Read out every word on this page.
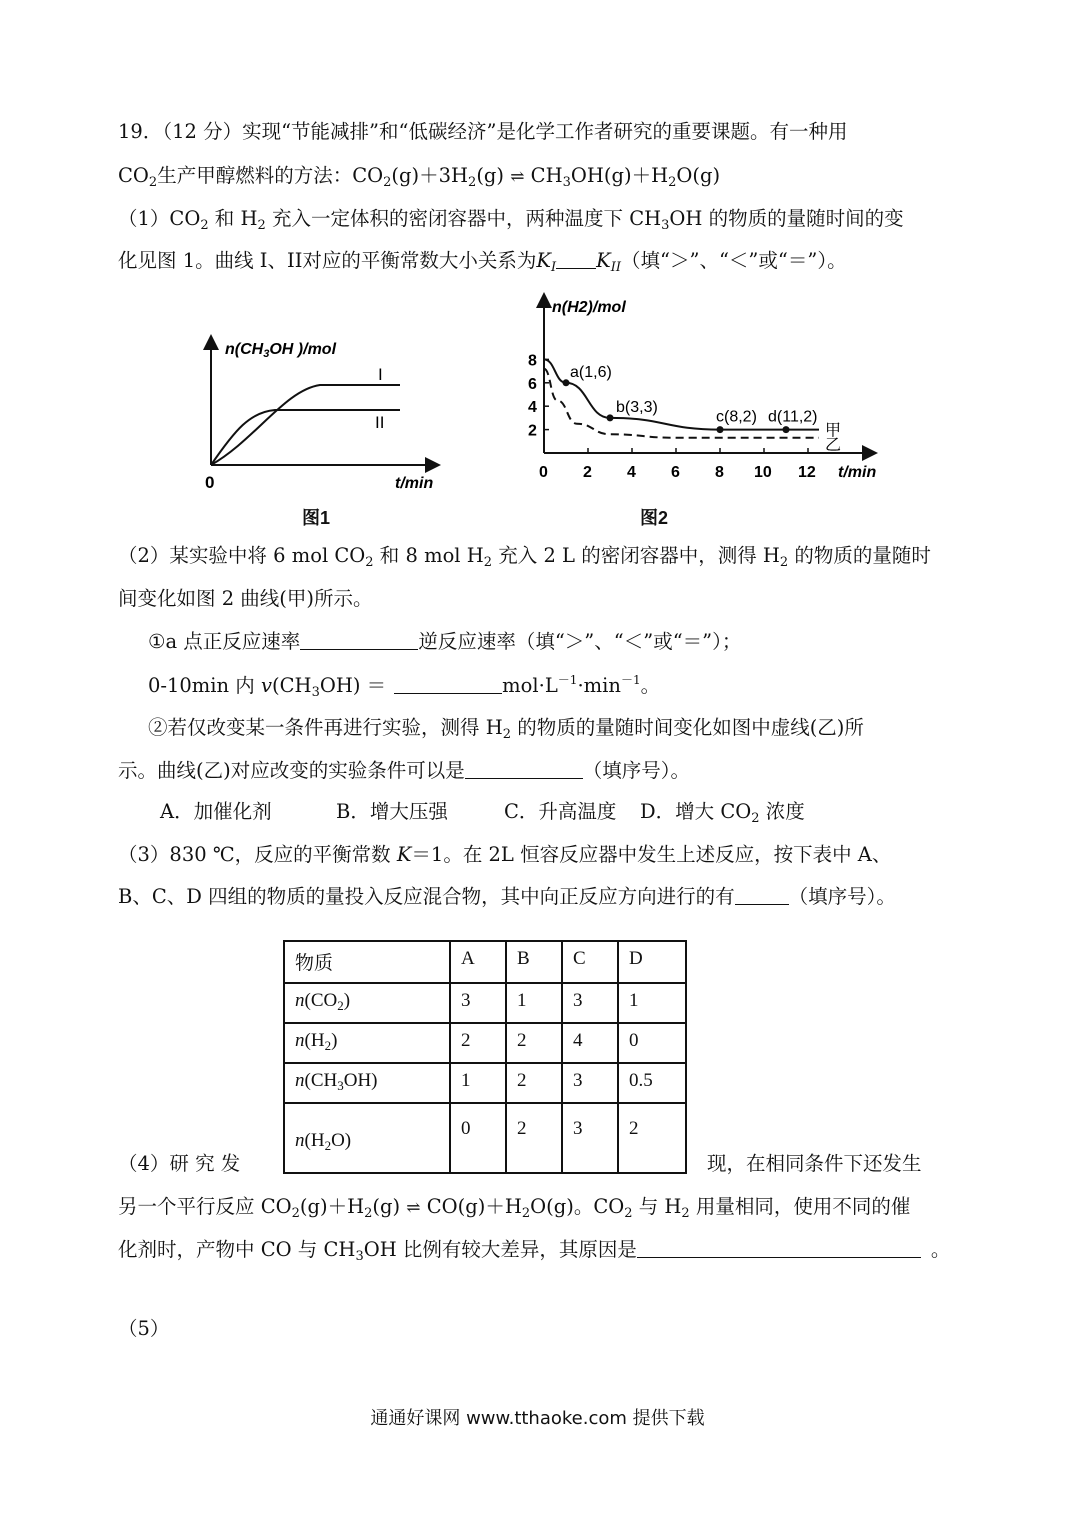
19．（12 分）实现“节能减排”和“低碳经济”是化学工作者研究的重要课题。有一种用
$CO_2$生产甲醇燃料的方法：$CO_2(g)+3H_2(g)$ ⇌ $CH_3OH(g)+H_2O(g)$
$(1)CO_2$ 和 $H_2$ 充入一定体积的密闭容器中，两种温度下 $CH_3OH$ 的物质的量随时间的变
化见图 1。曲线 I、II对应的平衡常数大小关系为$K_I$ $K_{II}$（填“＞”、“＜”或“＝”）。
n(CH3OH )/mol
I
II
0	t/min
图1
0 2 4 6 8 10 12
2
4
6
8
a(1,6)
b(3,3)
c(8,2) d(11,2)
甲
乙
n(H2)/mol
t/min
图2
（2）某实验中将 6 mol $CO_2$ 和 8 mol $H_2$ 充入 2 L 的密闭容器中，测得 $H_2$ 的物质的量随时
间变化如图 2 曲线(甲)所示。
①a 点正反应速率	逆反应速率（填“＞”、“＜”或“＝”）；
0-10min 内 $v(CH_3OH)$ ＝	$mol\cdot L^{-1}\cdot\min^{-1}$。
②若仅改变某一条件再进行实验，测得 $H_2$ 的物质的量随时间变化如图中虚线(乙)所
示。曲线(乙)对应改变的实验条件可以是	（填序号）。
A．加催化剂	B．增大压强	C．升高温度 D．增大 $CO_2$ 浓度
（3）830 ℃，反应的平衡常数 K＝1。在 2L 恒容反应器中发生上述反应，按下表中 A、
B、C、D 四组的物质的量投入反应混合物，其中向正反应方向进行的有	（填序号）。
物质	A	B	C	D
$n(CO_2)$	3	1	3	1
$n(H_2)$	2	2	4	0
$n(CH_3OH)$	1	2	3	0.5
$n(H_2O)$	0	2	3	2
（4）研 究 发	现，在相同条件下还发生
另一个平行反应 $CO_2(g)+H_2(g)$ ⇌ $CO(g)+H_2O(g)$。$CO_2$ 与 $H_2$ 用量相同，使用不同的催
化剂时，产物中 CO 与 $CH_3OH$ 比例有较大差异，其原因是	。
（5）
通通好课网 www.tthaoke.com 提供下载
